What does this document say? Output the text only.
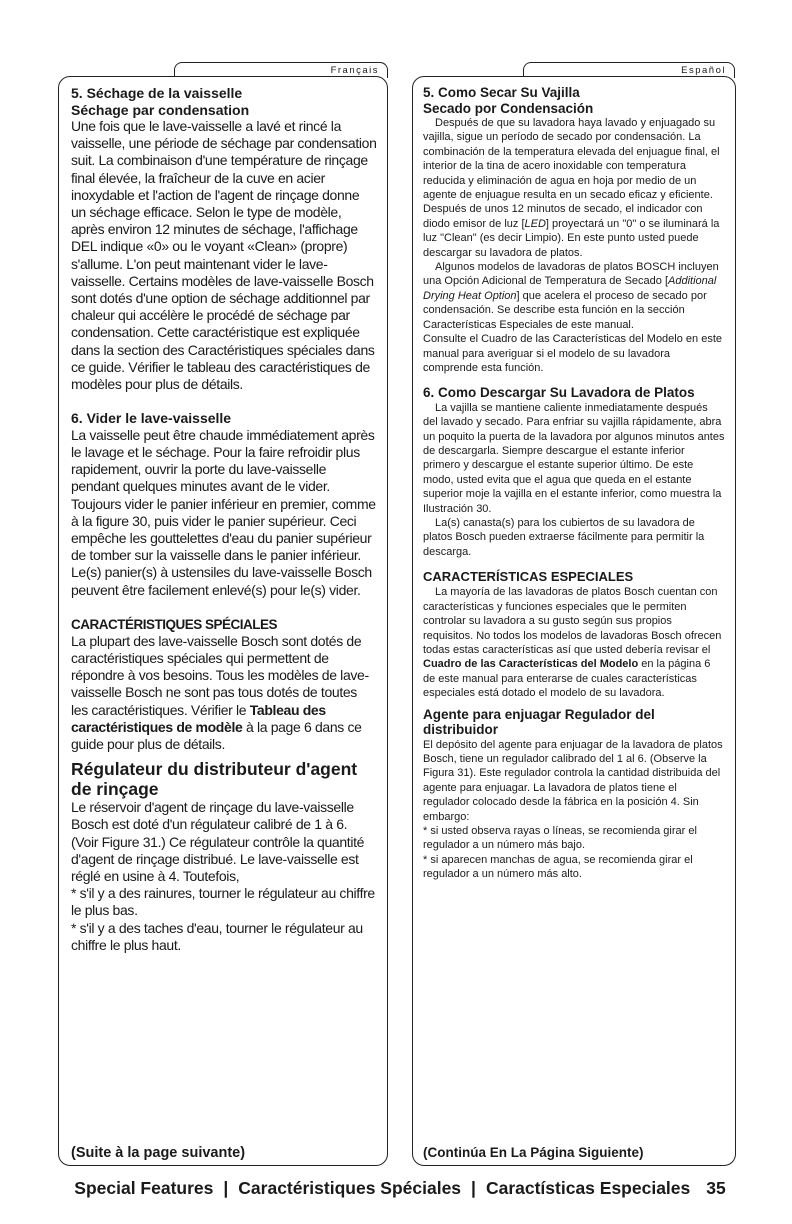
Français	Español
5. Séchage de la vaisselle
Séchage par condensation

Une fois que le lave-vaisselle a lavé et rincé la vaisselle, une période de séchage par condensation suit. La combinaison d'une température de rinçage final élevée, la fraîcheur de la cuve en acier inoxydable et l'action de l'agent de rinçage donne un séchage efficace. Selon le type de modèle, après environ 12 minutes de séchage, l'affichage DEL indique «0» ou le voyant «Clean» (propre) s'allume. L'on peut maintenant vider le lave-vaisselle. Certains modèles de lave-vaisselle Bosch sont dotés d'une option de séchage additionnel par chaleur qui accélère le procédé de séchage par condensation. Cette caractéristique est expliquée dans la section des Caractéristiques spéciales dans ce guide. Vérifier le tableau des caractéristiques de modèles pour plus de détails.

6. Vider le lave-vaisselle

La vaisselle peut être chaude immédiatement après le lavage et le séchage. Pour la faire refroidir plus rapidement, ouvrir la porte du lave-vaisselle pendant quelques minutes avant de le vider. Toujours vider le panier inférieur en premier, comme à la figure 30, puis vider le panier supérieur. Ceci empêche les gouttelettes d'eau du panier supérieur de tomber sur la vaisselle dans le panier inférieur.

Le(s) panier(s) à ustensiles du lave-vaisselle Bosch peuvent être facilement enlevé(s) pour le(s) vider.

CARACTÉRISTIQUES SPÉCIALES

La plupart des lave-vaisselle Bosch sont dotés de caractéristiques spéciales qui permettent de répondre à vos besoins. Tous les modèles de lave-vaisselle Bosch ne sont pas tous dotés de toutes les caractéristiques. Vérifier le Tableau des caractéristiques de modèle à la page 6 dans ce guide pour plus de détails.

Régulateur du distributeur d'agent de rinçage

Le réservoir d'agent de rinçage du lave-vaisselle Bosch est doté d'un régulateur calibré de 1 à 6. (Voir Figure 31.) Ce régulateur contrôle la quantité d'agent de rinçage distribué. Le lave-vaisselle est réglé en usine à 4. Toutefois,

* s'il y a des rainures, tourner le régulateur au chiffre le plus bas.

* s'il y a des taches d'eau, tourner le régulateur au chiffre le plus haut.

(Suite à la page suivante)
5. Como Secar Su Vajilla
Secado por Condensación

Después de que su lavadora haya lavado y enjuagado su vajilla, sigue un período de secado por condensación. La combinación de la temperatura elevada del enjuague final, el interior de la tina de acero inoxidable con temperatura reducida y eliminación de agua en hoja por medio de un agente de enjuague resulta en un secado eficaz y eficiente.

Después de unos 12 minutos de secado, el indicador con diodo emisor de luz [LED] proyectará un "0" o se iluminará la luz "Clean" (es decir Limpio). En este punto usted puede descargar su lavadora de platos.

Algunos modelos de lavadoras de platos BOSCH incluyen una Opción Adicional de Temperatura de Secado [Additional Drying Heat Option] que acelera el proceso de secado por condensación. Se describe esta función en la sección Características Especiales de este manual.

Consulte el Cuadro de las Características del Modelo en este manual para averiguar si el modelo de su lavadora comprende esta función.

6. Como Descargar Su Lavadora de Platos

La vajilla se mantiene caliente inmediatamente después del lavado y secado. Para enfriar su vajilla rápidamente, abra un poquito la puerta de la lavadora por algunos minutos antes de descargarla. Siempre descargue el estante inferior primero y descargue el estante superior último. De este modo, usted evita que el agua que queda en el estante superior moje la vajilla en el estante inferior, como muestra la Ilustración 30.

La(s) canasta(s) para los cubiertos de su lavadora de platos Bosch pueden extraerse fácilmente para permitir la descarga.

CARACTERÍSTICAS ESPECIALES

La mayoría de las lavadoras de platos Bosch cuentan con características y funciones especiales que le permiten controlar su lavadora a su gusto según sus propios requisitos. No todos los modelos de lavadoras Bosch ofrecen todas estas características así que usted debería revisar el Cuadro de las Características del Modelo en la página 6 de este manual para enterarse de cuales características especiales está dotado el modelo de su lavadora.

Agente para enjuagar Regulador del distribuidor

El depósito del agente para enjuagar de la lavadora de platos Bosch, tiene un regulador calibrado del 1 al 6. (Observe la Figura 31). Este regulador controla la cantidad distribuida del agente para enjuagar. La lavadora de platos tiene el regulador colocado desde la fábrica en la posición 4. Sin embargo:

* si usted observa rayas o líneas, se recomienda girar el regulador a un número más bajo.

* si aparecen manchas de agua, se recomienda girar el regulador a un número más alto.

(Continúa En La Página Siguiente)
Special Features | Caractéristiques Spéciales | Caractísticas Especiales 35
